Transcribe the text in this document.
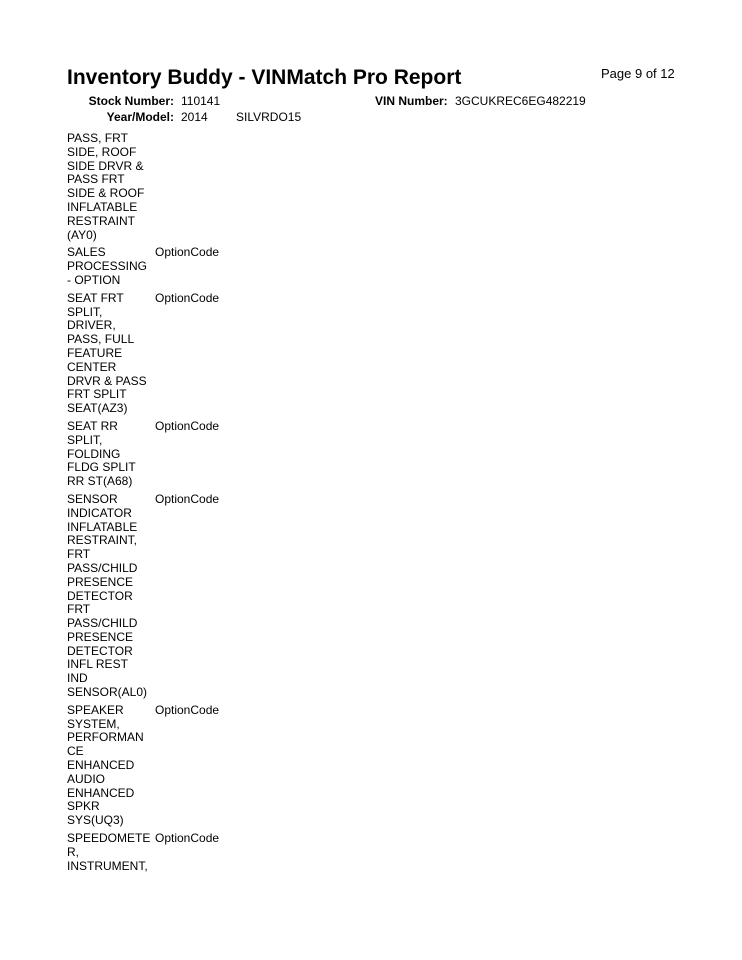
Inventory Buddy - VINMatch Pro Report	Page 9 of 12
Stock Number: 110141	VIN Number: 3GCUKREC6EG482219
Year/Model: 2014 SILVRDO15
PASS, FRT
SIDE, ROOF
SIDE DRVR &
PASS FRT
SIDE & ROOF
INFLATABLE
RESTRAINT
(AY0)
SALES
PROCESSING
- OPTION
OptionCode
SEAT FRT
SPLIT,
DRIVER,
PASS, FULL
FEATURE
CENTER
DRVR & PASS
FRT SPLIT
SEAT(AZ3)
OptionCode
SEAT RR
SPLIT,
FOLDING
FLDG SPLIT
RR ST(A68)
OptionCode
SENSOR
INDICATOR
INFLATABLE
RESTRAINT,
FRT
PASS/CHILD
PRESENCE
DETECTOR
FRT
PASS/CHILD
PRESENCE
DETECTOR
INFL REST
IND
SENSOR(AL0)
OptionCode
SPEAKER
SYSTEM,
PERFORMAN
CE
ENHANCED
AUDIO
ENHANCED
SPKR
SYS(UQ3)
OptionCode
SPEEDOMETE
R,
INSTRUMENT,
OptionCode
